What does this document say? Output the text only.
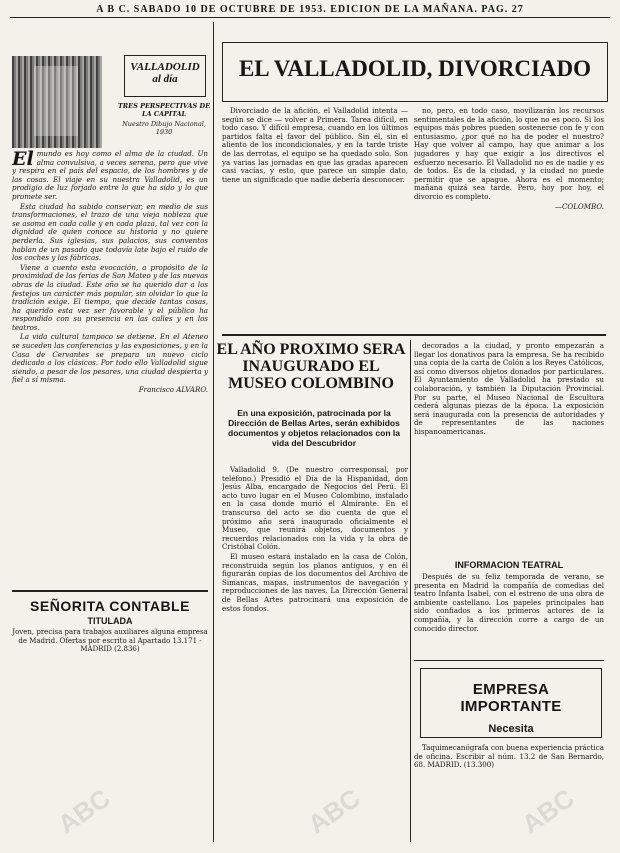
A B C. SABADO 10 DE OCTUBRE DE 1953. EDICION DE LA MAÑANA. PAG. 27
VALLADOLID
al día
TRES PERSPECTIVAS DE LA CAPITAL
Nuestro Dibujo Nacional, 1930

El mundo es hoy como el alma de la ciudad. Un alma convulsiva, a veces serena, pero que vive y respira en el país del espacio, de los hombres y de las cosas. El viaje en su nuestra Valladolid, es un prodigio de luz forjado entre lo que ha sido y lo que promete ser.

Esta ciudad ha sabido conservar, en medio de sus transformaciones, el trazo de una vieja nobleza que se asoma en cada calle y en cada plaza, tal vez con la dignidad de quien conoce su historia y no quiere perderla. Sus iglesias, sus palacios, sus conventos hablan de un pasado que todavía late bajo el ruido de los coches y las fábricas.

Viene a cuento esta evocación, a propósito de la proximidad de las ferias de San Mateo y de las nuevas obras de la ciudad. Este año se ha querido dar a los festejos un carácter más popular, sin olvidar lo que la tradición exige. El tiempo, que decide tantas cosas, ha querido esta vez ser favorable y el público ha respondido con su presencia en las calles y en los teatros.

La vida cultural tampoco se detiene. En el Ateneo se suceden las conferencias y las exposiciones, y en la Casa de Cervantes se prepara un nuevo ciclo dedicado a los clásicos. Por todo ello Valladolid sigue siendo, a pesar de los pesares, una ciudad despierta y fiel a sí misma.

Francisco ALVARO.

SEÑORITA CONTABLE
TITULADA
Joven, precisa para trabajos auxiliares alguna empresa de Madrid. Ofertas por escrito al Apartado 13.171 - MADRID (2.836)
EL VALLADOLID, DIVORCIADO

Divorciado de la afición, el Valladolid intenta — según se dice — volver a Primera. Tarea difícil, en todo caso. Y difícil empresa, cuando en los últimos partidos falta el favor del público. Sin él, sin el aliento de los incondicionales, y en la tarde triste de las derrotas, el equipo se ha quedado solo. Son ya varias las jornadas en que las gradas aparecen casi vacías, y esto, que parece un simple dato, tiene un significado que nadie debería desconocer.

no, pero, en todo caso, movilizarán los recursos sentimentales de la afición, lo que no es poco. Si los equipos más pobres pueden sostenerse con fe y con entusiasmo, ¿por qué no ha de poder el nuestro? Hay que volver al campo, hay que animar a los jugadores y hay que exigir a los directivos el esfuerzo necesario. El Valladolid no es de nadie y es de todos. Es de la ciudad, y la ciudad no puede permitir que se apague. Ahora es el momento; mañana quizá sea tarde. Pero, hoy por hoy, el divorcio es completo.

—COLOMBO.

EL AÑO PROXIMO SERA INAUGURADO EL MUSEO COLOMBINO
En una exposición, patrocinada por la Dirección de Bellas Artes, serán exhibidos documentos y objetos relacionados con la vida del Descubridor

Valladolid 9. (De nuestro corresponsal, por teléfono.) Presidió el Día de la Hispanidad, don Jesús Alba, encargado de Negocios del Perú. El acto tuvo lugar en el Museo Colombino, instalado en la casa donde murió el Almirante. En el transcurso del acto se dio cuenta de que el próximo año será inaugurado oficialmente el Museo, que reunirá objetos, documentos y recuerdos relacionados con la vida y la obra de Cristóbal Colón.

El museo estará instalado en la casa de Colón, reconstruida según los planos antiguos, y en él figurarán copias de los documentos del Archivo de Simancas, mapas, instrumentos de navegación y reproducciones de las naves. La Dirección General de Bellas Artes patrocinará una exposición de estos fondos.

decorados a la ciudad, y pronto empezarán a llegar los donativos para la empresa. Se ha recibido una copia de la carta de Colón a los Reyes Católicos, así como diversos objetos donados por particulares. El Ayuntamiento de Valladolid ha prestado su colaboración, y también la Diputación Provincial. Por su parte, el Museo Nacional de Escultura cederá algunas piezas de la época. La exposición será inaugurada con la presencia de autoridades y de representantes de las naciones hispanoamericanas.

INFORMACION TEATRAL

Después de su feliz temporada de verano, se presenta en Madrid la compañía de comedias del teatro Infanta Isabel, con el estreno de una obra de ambiente castellano. Los papeles principales han sido confiados a los primeros actores de la compañía, y la dirección corre a cargo de un conocido director.

EMPRESA IMPORTANTE
Necesita

Taquimecanógrafa con buena experiencia práctica de oficina. Escribir al núm. 13.2 de San Bernardo, 68. MADRID. (13.300)

ABC	ABC	ABC
